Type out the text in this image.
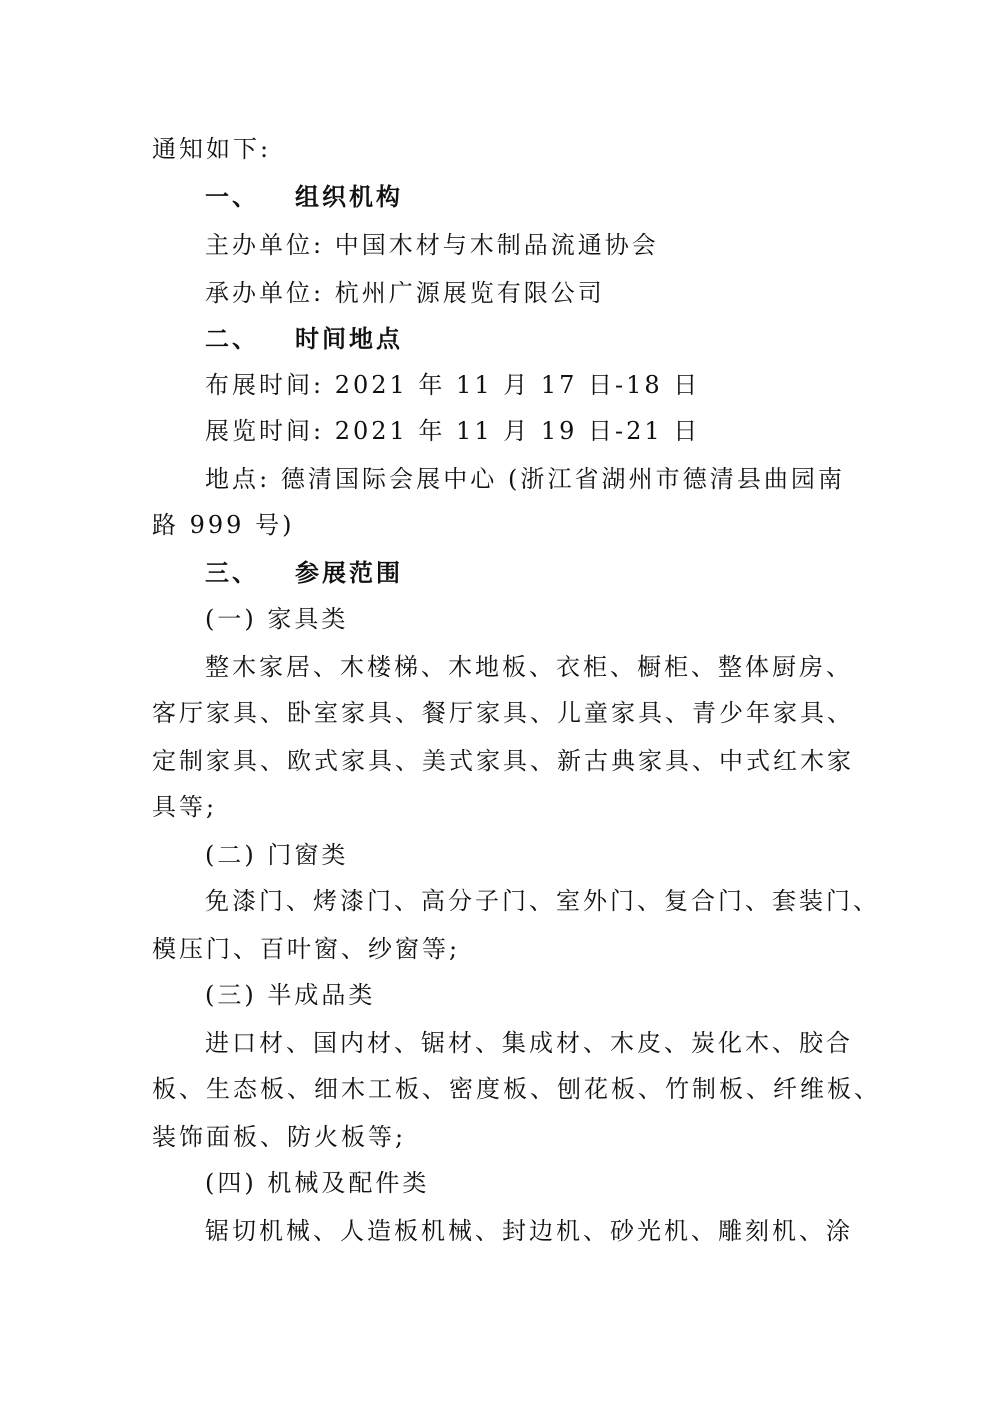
通知如下:
一、 组织机构
主办单位: 中国木材与木制品流通协会
承办单位: 杭州广源展览有限公司
二、 时间地点
布展时间: 2021 年 11 月 17 日-18 日
展览时间: 2021 年 11 月 19 日-21 日
地点: 德清国际会展中心 (浙江省湖州市德清县曲园南
路 999 号)
三、 参展范围
(一) 家具类
整木家居、木楼梯、木地板、衣柜、橱柜、整体厨房、
客厅家具、卧室家具、餐厅家具、儿童家具、青少年家具、
定制家具、欧式家具、美式家具、新古典家具、中式红木家
具等;
(二) 门窗类
免漆门、烤漆门、高分子门、室外门、复合门、套装门、
模压门、百叶窗、纱窗等;
(三) 半成品类
进口材、国内材、锯材、集成材、木皮、炭化木、胶合
板、生态板、细木工板、密度板、刨花板、竹制板、纤维板、
装饰面板、防火板等;
(四) 机械及配件类
锯切机械、人造板机械、封边机、砂光机、雕刻机、涂
